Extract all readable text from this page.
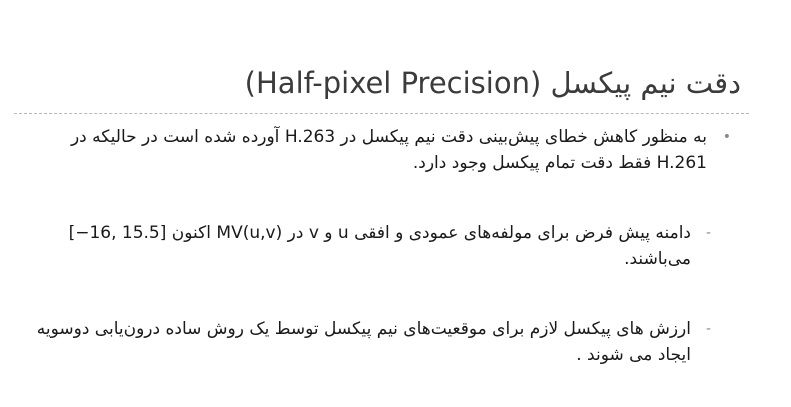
دقت نیم پیکسل (Half-pixel Precision)
•
به منظور کاهش خطای پیش‌بینی دقت نیم پیکسل در H.263 آورده شده است در حالیکه در H.261 فقط دقت تمام پیکسل وجود دارد.
-
دامنه پیش فرض برای مولفه‌های عمودی و افقی u و v در MV(u,v) اکنون [‎−16, 15.5‎] می‌باشند.
-
ارزش های پیکسل لازم برای موقعیت‌های نیم پیکسل توسط یک روش ساده درون‌یابی دوسویه ایجاد می شوند .
